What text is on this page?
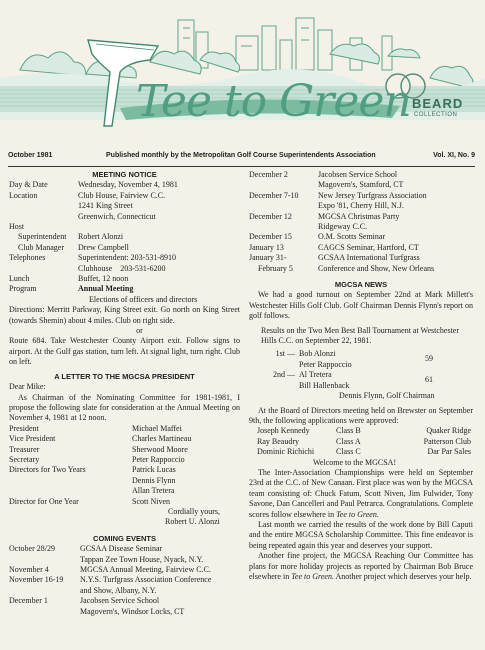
Tee to Green BEARD
COLLECTION
October 1981	Published monthly by the Metropolitan Golf Course Superintendents Association	Vol. XI, No. 9
MEETING NOTICE
Day & Date	Wednesday, November 4, 1981
Location	Club House, Fairview C.C.
1241 King Street
Greenwich, Connecticut
Host
Superintendent	Robert Alonzi
Club Manager	Drew Campbell
Telephones	Superintendent: 203-531-8910
Clubhouse    203-531-6200
Lunch	Buffet, 12 noon
Program	Annual Meeting
Elections of officers and directors

Directions: Merritt Parkway, King Street exit. Go north on King Street (towards Shemin) about 4 miles. Club on right side.

or

Route 684. Take Westchester County Airport exit. Follow signs to airport. At the Gulf gas station, turn left. At signal light, turn right. Club on left.

A LETTER TO THE MGCSA PRESIDENT

Dear Mike:

As Chairman of the Nominating Committee for 1981-1981, I propose the following slate for consideration at the Annual Meeting on November 4, 1981 at 12 noon.

President	Michael Maffei
Vice President	Charles Martineau
Treasurer	Sherwood Moore
Secretary	Peter Rappoccio
Directors for Two Years	Patrick Lucas
Dennis Flynn
Allan Tretera
Director for One Year	Scott Niven

Cordially yours,

Robert U. Alonzi

COMING EVENTS
October 28/29	GCSAA Disease Seminar
Tappan Zee Town House, Nyack, N.Y.
November 4	MGCSA Annual Meeting, Fairview C.C.
November 16-19	N.Y.S. Turfgrass Association Conference
and Show, Albany, N.Y.
December 1	Jacobsen Service School
Magovern's, Windsor Locks, CT
December 2	Jacobsen Service School
Magovern's, Stamford, CT
December 7-10	New Jersey Turfgrass Association
Expo '81, Cherry Hill, N.J.
December 12	MGCSA Christmas Party
Ridgeway C.C.
December 15	O.M. Scotts Seminar
January 13	CAGCS Seminar, Hartford, CT
January 31-	GCSAA International Turfgrass
February 5	Conference and Show, New Orleans
MGCSA NEWS

We had a good turnout on September 22nd at Mark Millett's Westchester Hills Golf Club. Golf Chairman Dennis Flynn's report on golf follows.

Results on the Two Men Best Ball Tournament at Westchester Hills C.C. on September 22, 1981.

1st — Bob Alonzi
Peter Rappoccio
59
2nd — Al Tretera
Bill Hallenback
61

Dennis Flynn, Golf Chairman

At the Board of Directors meeting held on Brewster on September 9th, the following applications were approved:

Joseph Kennedy	Class B	Quaker Ridge
Ray Beaudry	Class A	Patterson Club
Dominic Richichi	Class C	Dar Par Sales

Welcome to the MGCSA!

The Inter-Association Championships were held on September 23rd at the C.C. of New Canaan. First place was won by the MGCSA team consisting of: Chuck Fatum, Scott Niven, Jim Fulwider, Tony Savone, Dan Cancelleri and Paul Petrarca. Congratulations. Complete scores follow elsewhere in Tee to Green.

Last month we carried the results of the work done by Bill Caputi and the entire MGCSA Scholarship Committee. This fine endeavor is being repeated again this year and deserves your support.

Another fine project, the MGCSA Reaching Our Committee has plans for more holiday projects as reported by Chairman Bob Bruce elsewhere in Tee to Green. Another project which deserves your help.
